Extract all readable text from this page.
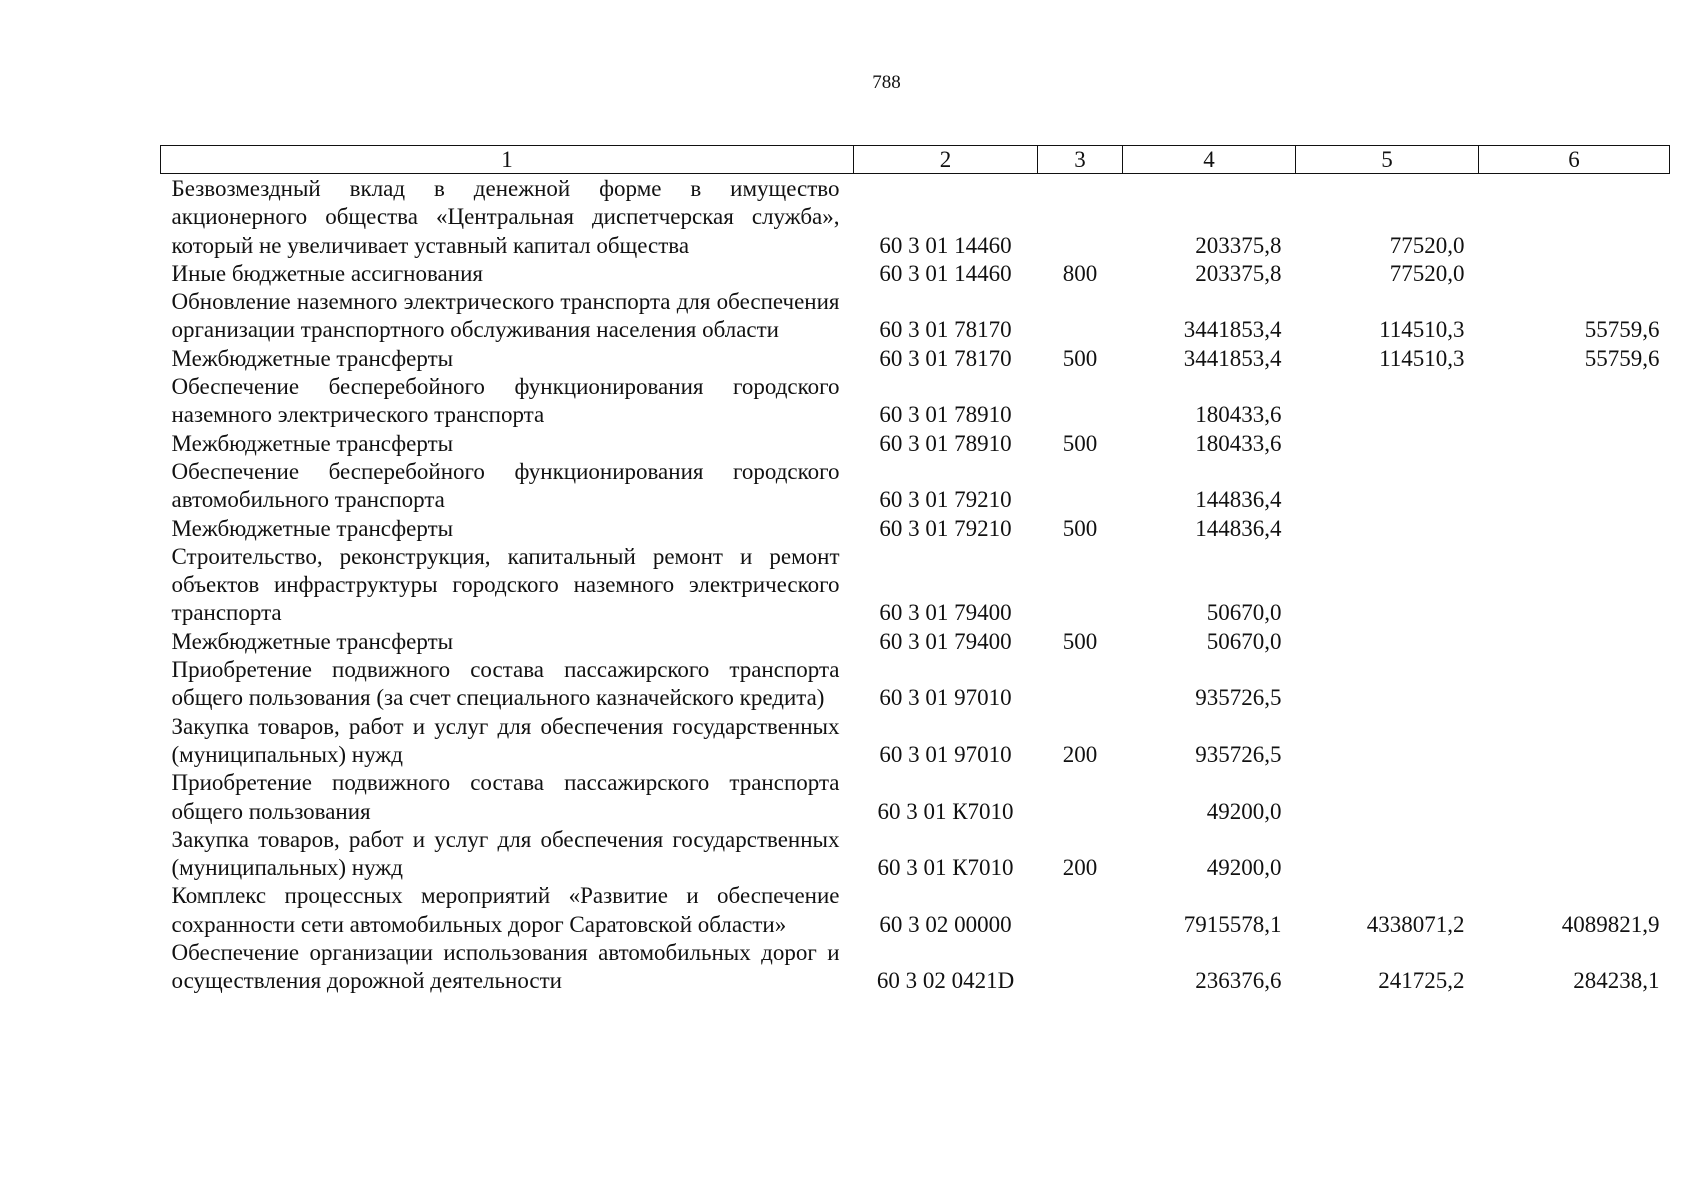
788
1	2	3	4	5	6
Безвозмездный вклад в денежной форме в имущество акционерного общества «Центральная диспетчерская служба», который не увеличивает уставный капитал общества	60 3 01 14460		203375,8	77520,0	
Иные бюджетные ассигнования	60 3 01 14460	800	203375,8	77520,0	
Обновление наземного электрического транспорта для обеспечения организации транспортного обслуживания населения области	60 3 01 78170		3441853,4	114510,3	55759,6
Межбюджетные трансферты	60 3 01 78170	500	3441853,4	114510,3	55759,6
Обеспечение бесперебойного функционирования городского наземного электрического транспорта	60 3 01 78910		180433,6		
Межбюджетные трансферты	60 3 01 78910	500	180433,6		
Обеспечение бесперебойного функционирования городского автомобильного транспорта	60 3 01 79210		144836,4		
Межбюджетные трансферты	60 3 01 79210	500	144836,4		
Строительство, реконструкция, капитальный ремонт и ремонт объектов инфраструктуры городского наземного электрического транспорта	60 3 01 79400		50670,0		
Межбюджетные трансферты	60 3 01 79400	500	50670,0		
Приобретение подвижного состава пассажирского транспорта общего пользования (за счет специального казначейского кредита)	60 3 01 97010		935726,5		
Закупка товаров, работ и услуг для обеспечения государственных (муниципальных) нужд	60 3 01 97010	200	935726,5		
Приобретение подвижного состава пассажирского транспорта общего пользования	60 3 01 К7010		49200,0		
Закупка товаров, работ и услуг для обеспечения государственных (муниципальных) нужд	60 3 01 К7010	200	49200,0		
Комплекс процессных мероприятий «Развитие и обеспечение сохранности сети автомобильных дорог Саратовской области»	60 3 02 00000		7915578,1	4338071,2	4089821,9
Обеспечение организации использования автомобильных дорог и осуществления дорожной деятельности	60 3 02 0421D		236376,6	241725,2	284238,1
